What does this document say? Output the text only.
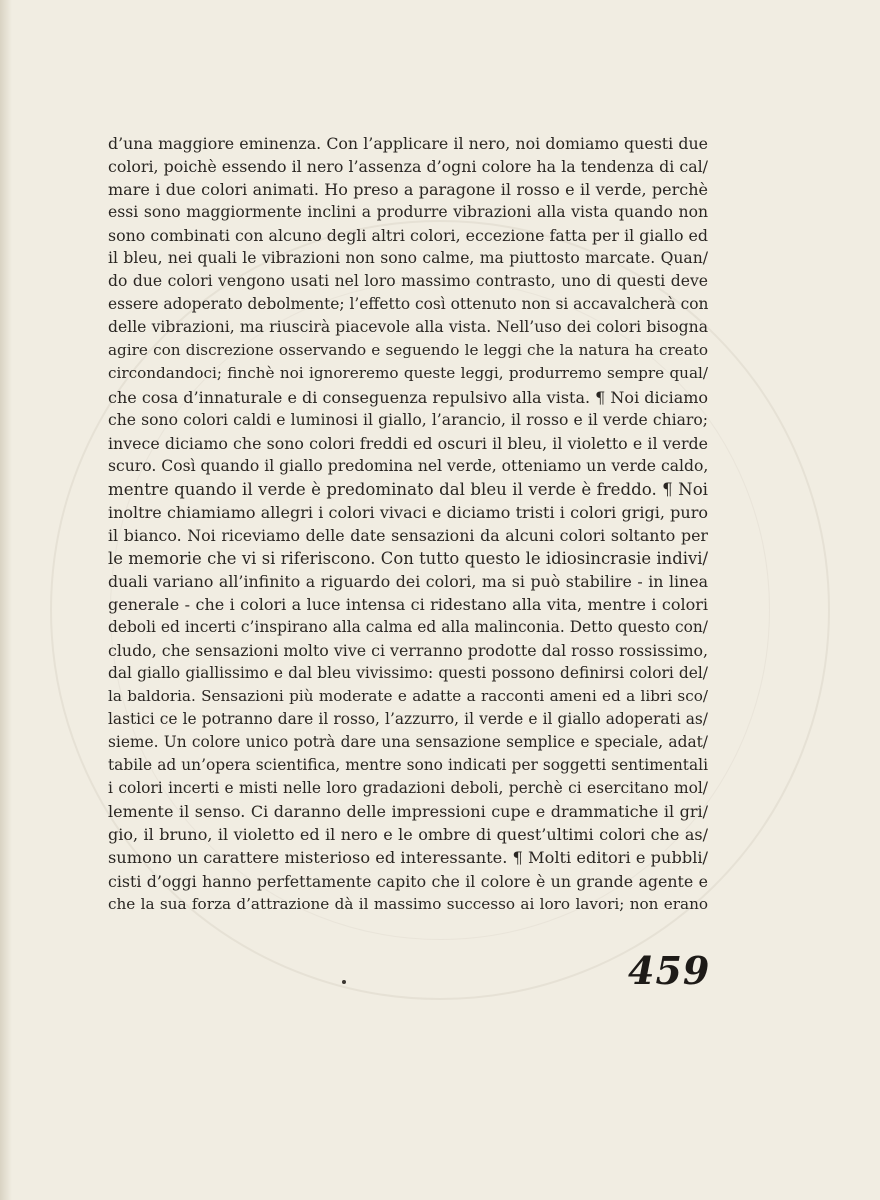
d’una maggiore eminenza. Con l’applicare il nero, noi domiamo questi due
colori, poichè essendo il nero l’assenza d’ogni colore ha la tendenza di cal/
mare i due colori animati. Ho preso a paragone il rosso e il verde, perchè
essi sono maggiormente inclini a produrre vibrazioni alla vista quando non
sono combinati con alcuno degli altri colori, eccezione fatta per il giallo ed
il bleu, nei quali le vibrazioni non sono calme, ma piuttosto marcate. Quan/
do due colori vengono usati nel loro massimo contrasto, uno di questi deve
essere adoperato debolmente; l’effetto così ottenuto non si accavalcherà con
delle vibrazioni, ma riuscirà piacevole alla vista. Nell’uso dei colori bisogna
agire con discrezione osservando e seguendo le leggi che la natura ha creato
circondandoci; finchè noi ignoreremo queste leggi, produrremo sempre qual/
che cosa d’innaturale e di conseguenza repulsivo alla vista. ¶ Noi diciamo
che sono colori caldi e luminosi il giallo, l’arancio, il rosso e il verde chiaro;
invece diciamo che sono colori freddi ed oscuri il bleu, il violetto e il verde
scuro. Così quando il giallo predomina nel verde, otteniamo un verde caldo,
mentre quando il verde è predominato dal bleu il verde è freddo. ¶ Noi
inoltre chiamiamo allegri i colori vivaci e diciamo tristi i colori grigi, puro
il bianco. Noi riceviamo delle date sensazioni da alcuni colori soltanto per
le memorie che vi si riferiscono. Con tutto questo le idiosincrasie indivi/
duali variano all’infinito a riguardo dei colori, ma si può stabilire - in linea
generale - che i colori a luce intensa ci ridestano alla vita, mentre i colori
deboli ed incerti c’inspirano alla calma ed alla malinconia. Detto questo con/
cludo, che sensazioni molto vive ci verranno prodotte dal rosso rossissimo,
dal giallo giallissimo e dal bleu vivissimo: questi possono definirsi colori del/
la baldoria. Sensazioni più moderate e adatte a racconti ameni ed a libri sco/
lastici ce le potranno dare il rosso, l’azzurro, il verde e il giallo adoperati as/
sieme. Un colore unico potrà dare una sensazione semplice e speciale, adat/
tabile ad un’opera scientifica, mentre sono indicati per soggetti sentimentali
i colori incerti e misti nelle loro gradazioni deboli, perchè ci esercitano mol/
lemente il senso. Ci daranno delle impressioni cupe e drammatiche il gri/
gio, il bruno, il violetto ed il nero e le ombre di quest’ultimi colori che as/
sumono un carattere misterioso ed interessante. ¶ Molti editori e pubbli/
cisti d’oggi hanno perfettamente capito che il colore è un grande agente e
che la sua forza d’attrazione dà il massimo successo ai loro lavori; non erano
459
